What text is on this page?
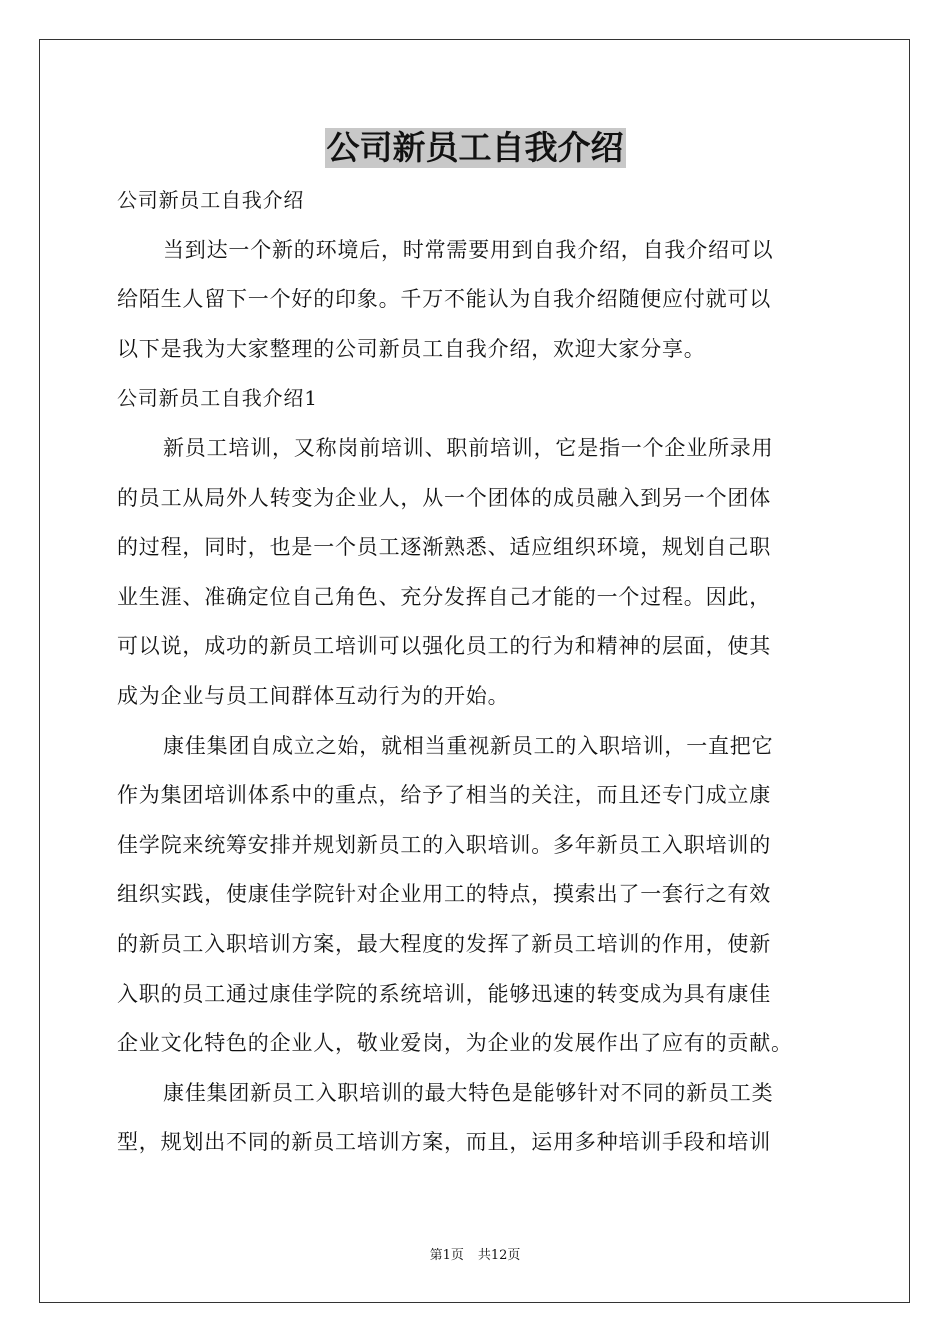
公司新员工自我介绍
公司新员工自我介绍
当到达一个新的环境后，时常需要用到自我介绍，自我介绍可以
给陌生人留下一个好的印象。千万不能认为自我介绍随便应付就可以
以下是我为大家整理的公司新员工自我介绍，欢迎大家分享。
公司新员工自我介绍1
新员工培训，又称岗前培训、职前培训，它是指一个企业所录用
的员工从局外人转变为企业人，从一个团体的成员融入到另一个团体
的过程，同时，也是一个员工逐渐熟悉、适应组织环境，规划自己职
业生涯、准确定位自己角色、充分发挥自己才能的一个过程。因此，
可以说，成功的新员工培训可以强化员工的行为和精神的层面，使其
成为企业与员工间群体互动行为的开始。
康佳集团自成立之始，就相当重视新员工的入职培训，一直把它
作为集团培训体系中的重点，给予了相当的关注，而且还专门成立康
佳学院来统筹安排并规划新员工的入职培训。多年新员工入职培训的
组织实践，使康佳学院针对企业用工的特点，摸索出了一套行之有效
的新员工入职培训方案，最大程度的发挥了新员工培训的作用，使新
入职的员工通过康佳学院的系统培训，能够迅速的转变成为具有康佳
企业文化特色的企业人，敬业爱岗，为企业的发展作出了应有的贡献。
康佳集团新员工入职培训的最大特色是能够针对不同的新员工类
型，规划出不同的新员工培训方案，而且，运用多种培训手段和培训
第1页 共12页
